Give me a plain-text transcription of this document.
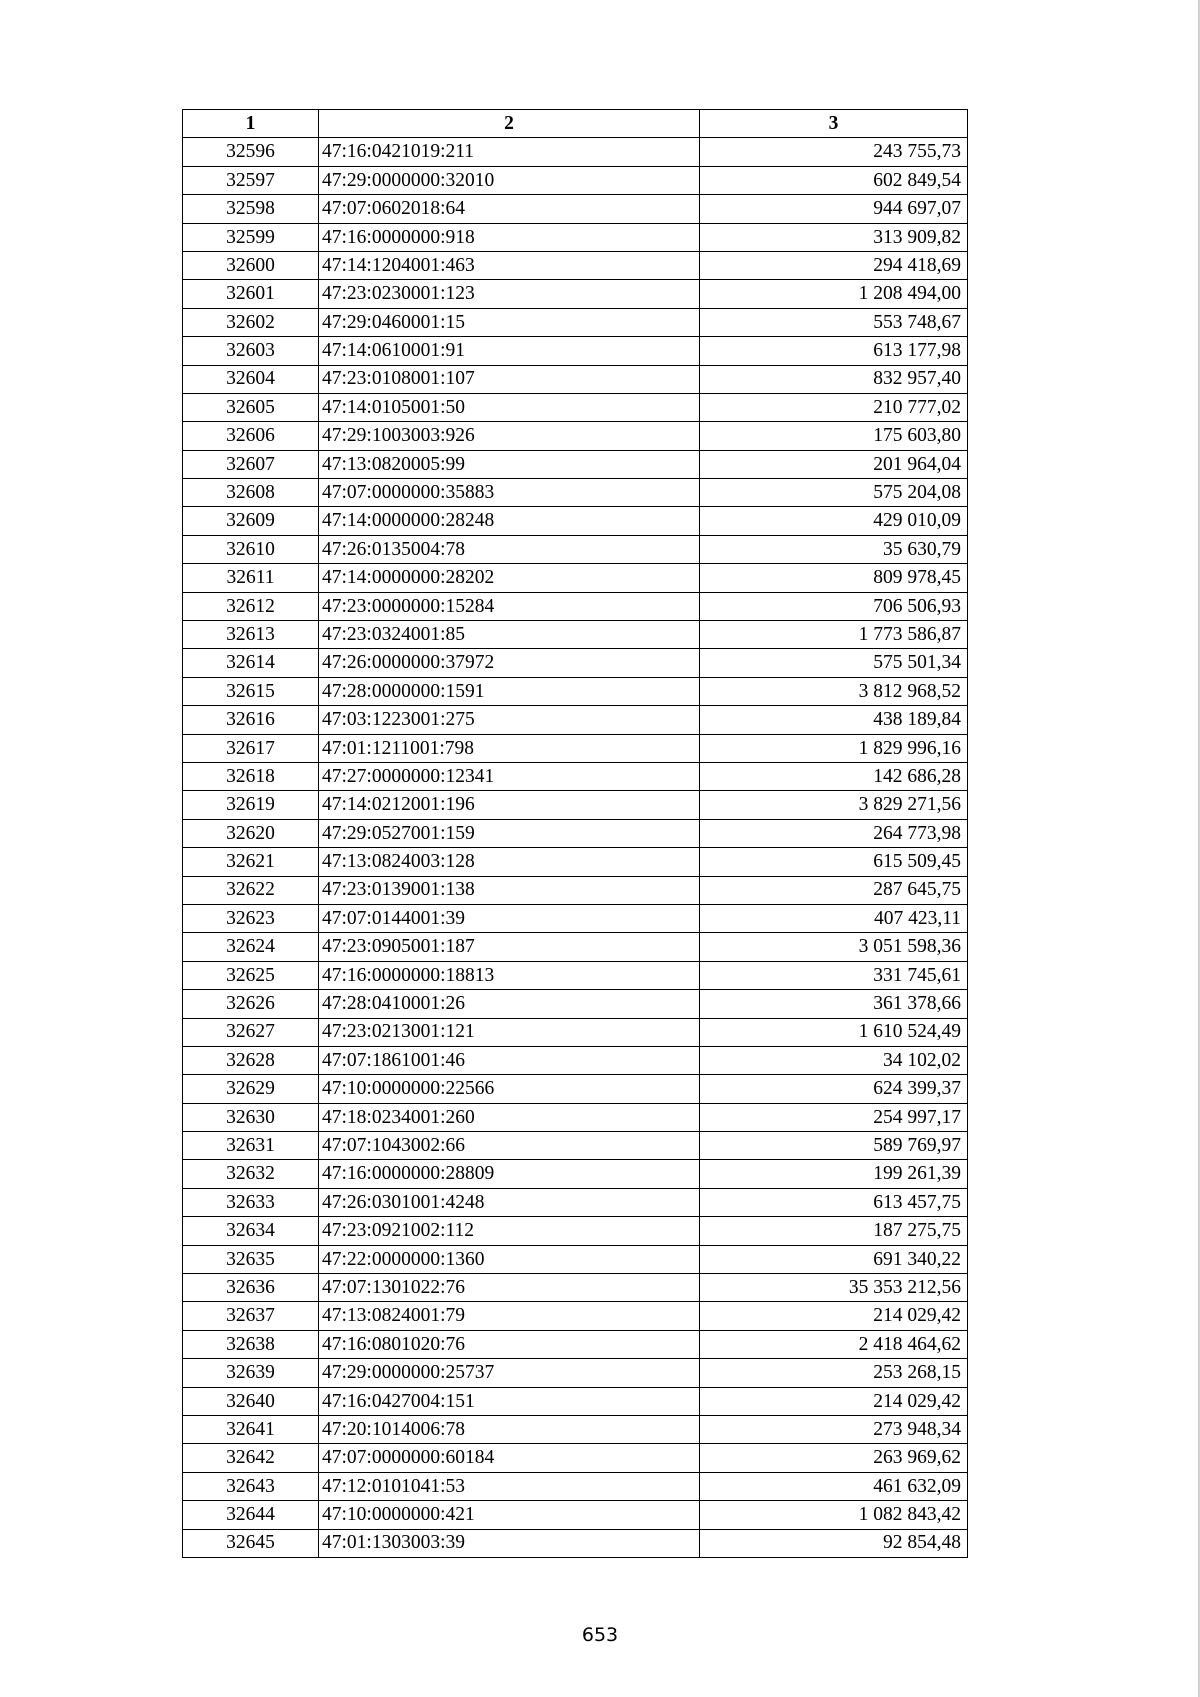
1	2	3
32596	47:16:0421019:211	243 755,73
32597	47:29:0000000:32010	602 849,54
32598	47:07:0602018:64	944 697,07
32599	47:16:0000000:918	313 909,82
32600	47:14:1204001:463	294 418,69
32601	47:23:0230001:123	1 208 494,00
32602	47:29:0460001:15	553 748,67
32603	47:14:0610001:91	613 177,98
32604	47:23:0108001:107	832 957,40
32605	47:14:0105001:50	210 777,02
32606	47:29:1003003:926	175 603,80
32607	47:13:0820005:99	201 964,04
32608	47:07:0000000:35883	575 204,08
32609	47:14:0000000:28248	429 010,09
32610	47:26:0135004:78	35 630,79
32611	47:14:0000000:28202	809 978,45
32612	47:23:0000000:15284	706 506,93
32613	47:23:0324001:85	1 773 586,87
32614	47:26:0000000:37972	575 501,34
32615	47:28:0000000:1591	3 812 968,52
32616	47:03:1223001:275	438 189,84
32617	47:01:1211001:798	1 829 996,16
32618	47:27:0000000:12341	142 686,28
32619	47:14:0212001:196	3 829 271,56
32620	47:29:0527001:159	264 773,98
32621	47:13:0824003:128	615 509,45
32622	47:23:0139001:138	287 645,75
32623	47:07:0144001:39	407 423,11
32624	47:23:0905001:187	3 051 598,36
32625	47:16:0000000:18813	331 745,61
32626	47:28:0410001:26	361 378,66
32627	47:23:0213001:121	1 610 524,49
32628	47:07:1861001:46	34 102,02
32629	47:10:0000000:22566	624 399,37
32630	47:18:0234001:260	254 997,17
32631	47:07:1043002:66	589 769,97
32632	47:16:0000000:28809	199 261,39
32633	47:26:0301001:4248	613 457,75
32634	47:23:0921002:112	187 275,75
32635	47:22:0000000:1360	691 340,22
32636	47:07:1301022:76	35 353 212,56
32637	47:13:0824001:79	214 029,42
32638	47:16:0801020:76	2 418 464,62
32639	47:29:0000000:25737	253 268,15
32640	47:16:0427004:151	214 029,42
32641	47:20:1014006:78	273 948,34
32642	47:07:0000000:60184	263 969,62
32643	47:12:0101041:53	461 632,09
32644	47:10:0000000:421	1 082 843,42
32645	47:01:1303003:39	92 854,48
653
